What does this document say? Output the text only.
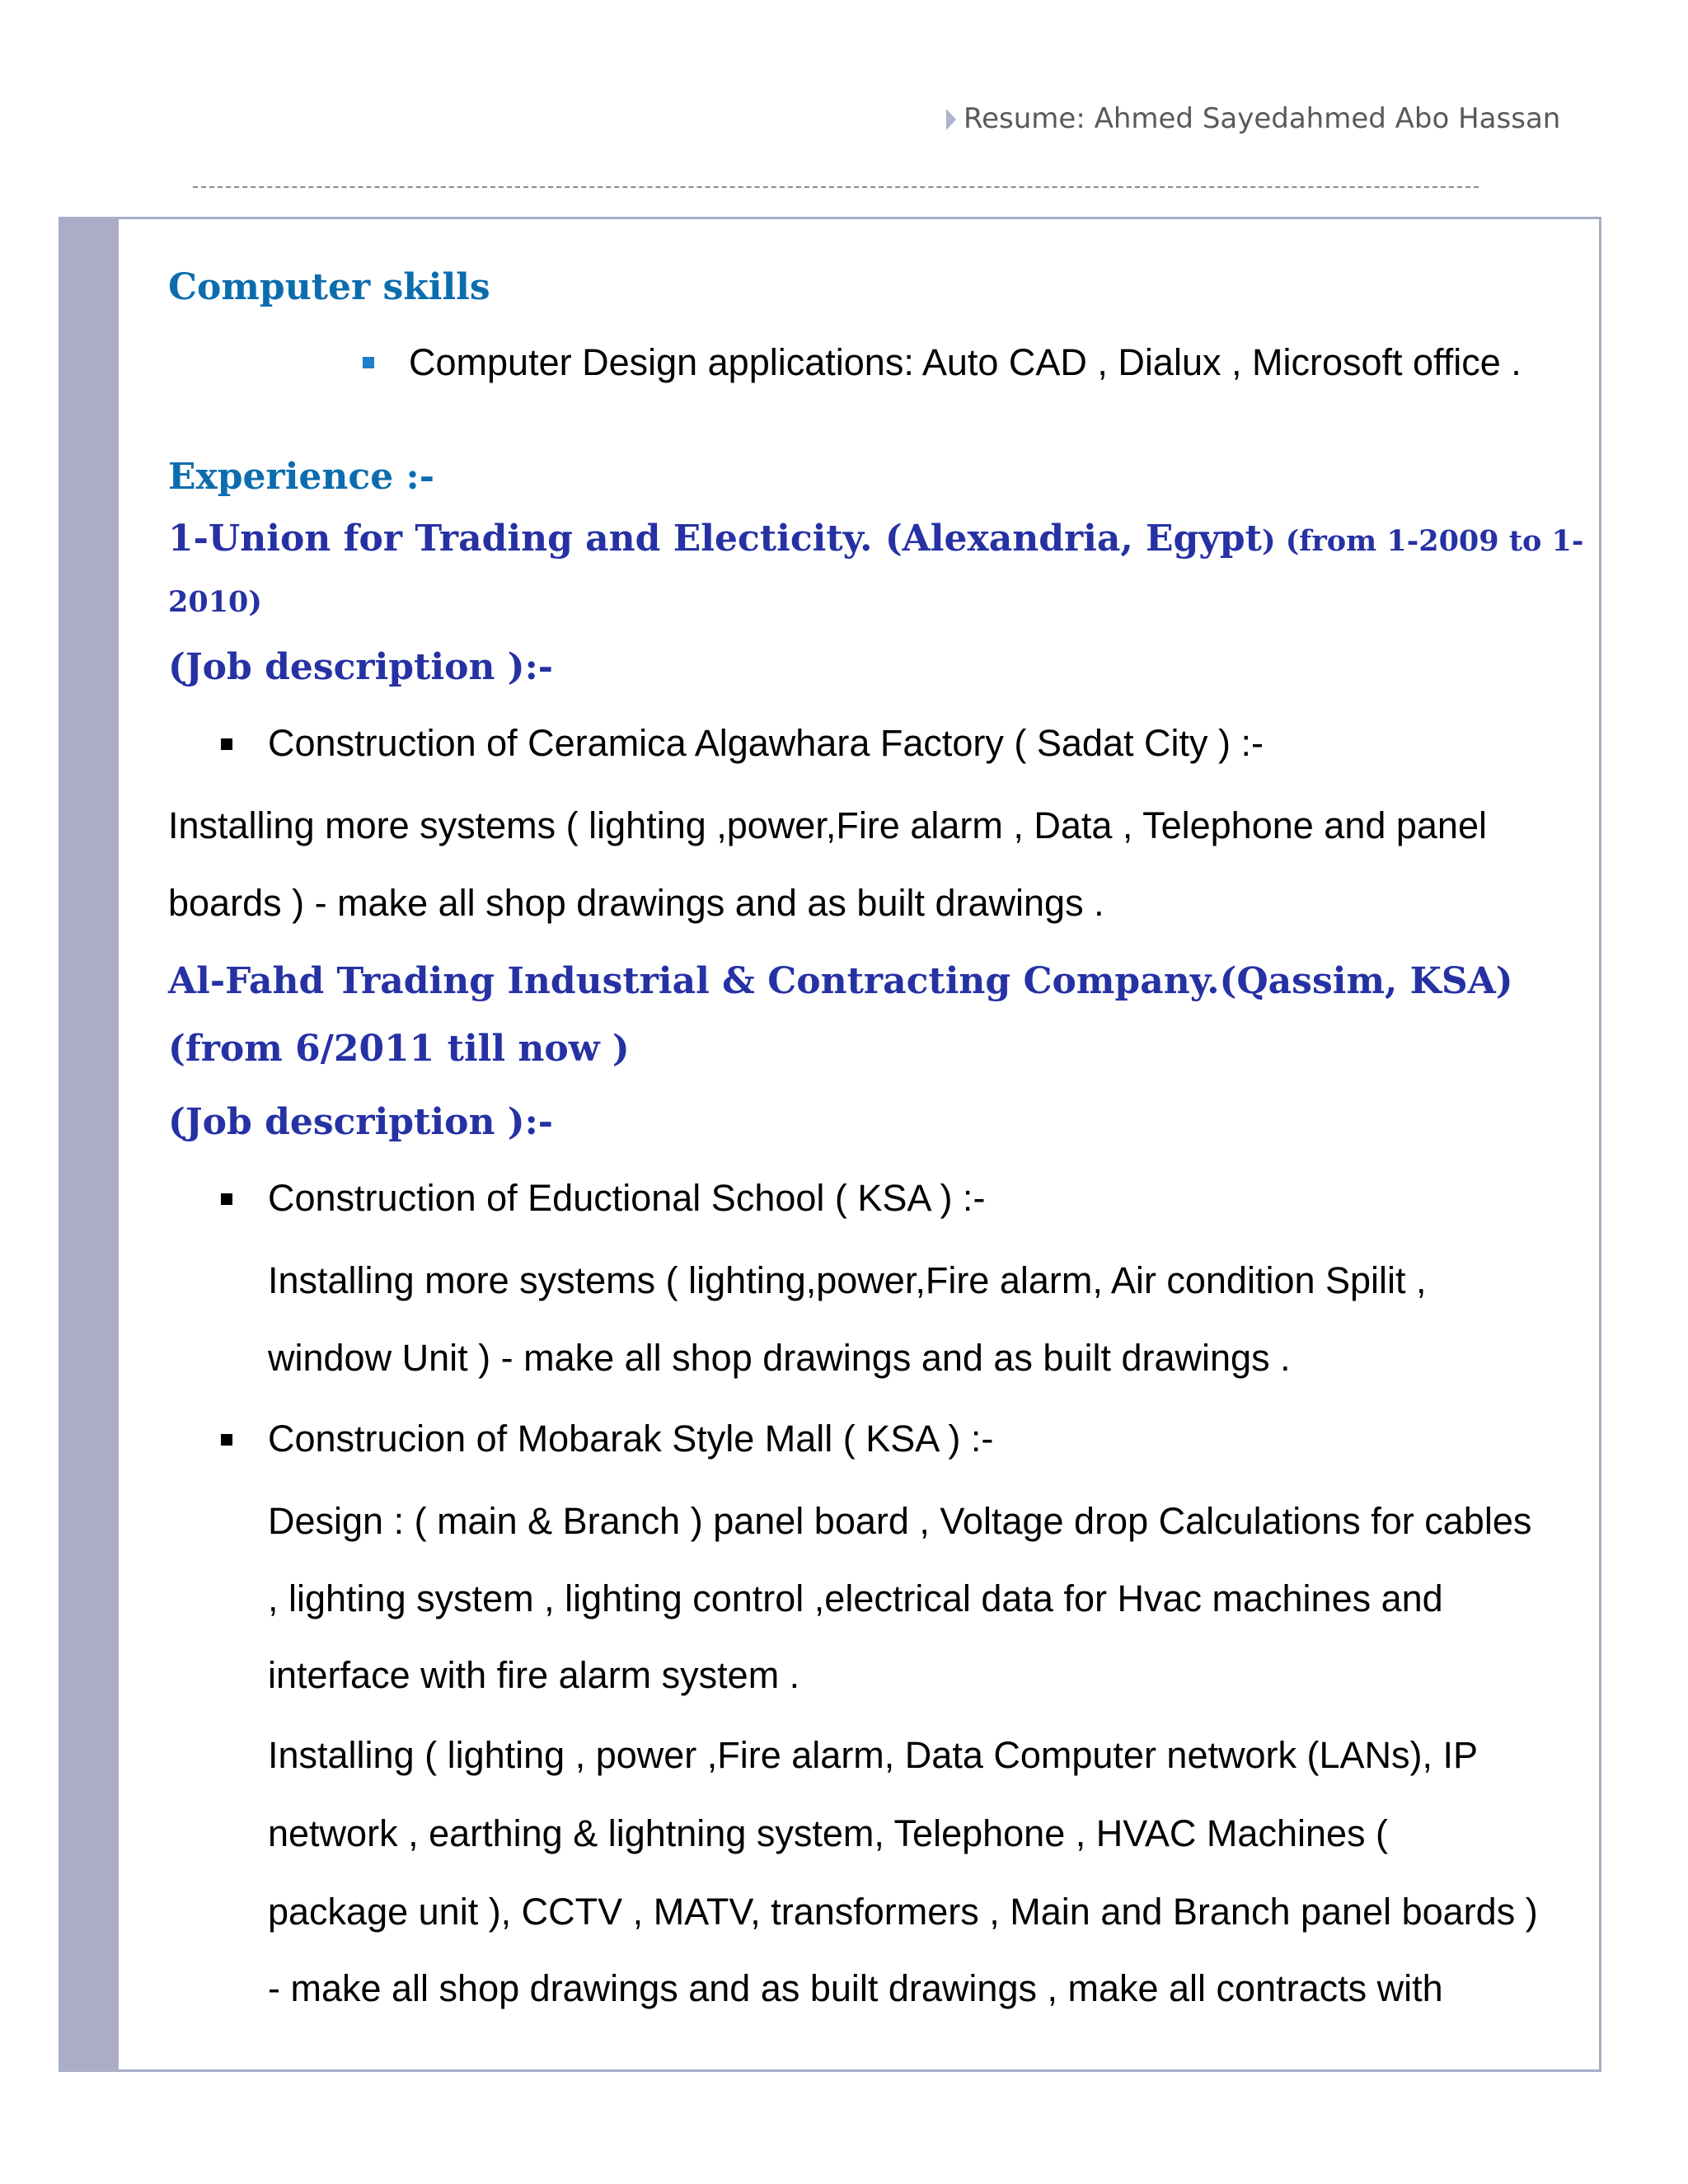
Resume: Ahmed Sayedahmed Abo Hassan
Computer skills
Computer Design applications: Auto CAD , Dialux , Microsoft office .
Experience :-
1-Union for Trading and Electicity. (Alexandria, Egypt) (from 1-2009 to 1-
2010)
(Job description ):-
Construction of Ceramica Algawhara Factory ( Sadat City ) :-
Installing more systems ( lighting ,power,Fire alarm , Data , Telephone and panel
boards ) - make all shop drawings and as built drawings .
Al-Fahd Trading Industrial & Contracting Company.(Qassim, KSA)
(from 6/2011 till now )
(Job description ):-
Construction of Eductional School ( KSA ) :-
Installing more systems ( lighting,power,Fire alarm, Air condition Spilit ,
window Unit ) - make all shop drawings and as built drawings .
Construcion of Mobarak Style Mall ( KSA ) :-
Design : ( main & Branch ) panel board , Voltage drop Calculations for cables
, lighting system , lighting control ,electrical data for Hvac machines and
interface with fire alarm system .
Installing ( lighting , power ,Fire alarm, Data Computer network (LANs), IP
network , earthing & lightning system, Telephone , HVAC Machines (
package unit ), CCTV , MATV, transformers , Main and Branch panel boards )
- make all shop drawings and as built drawings , make all contracts with
